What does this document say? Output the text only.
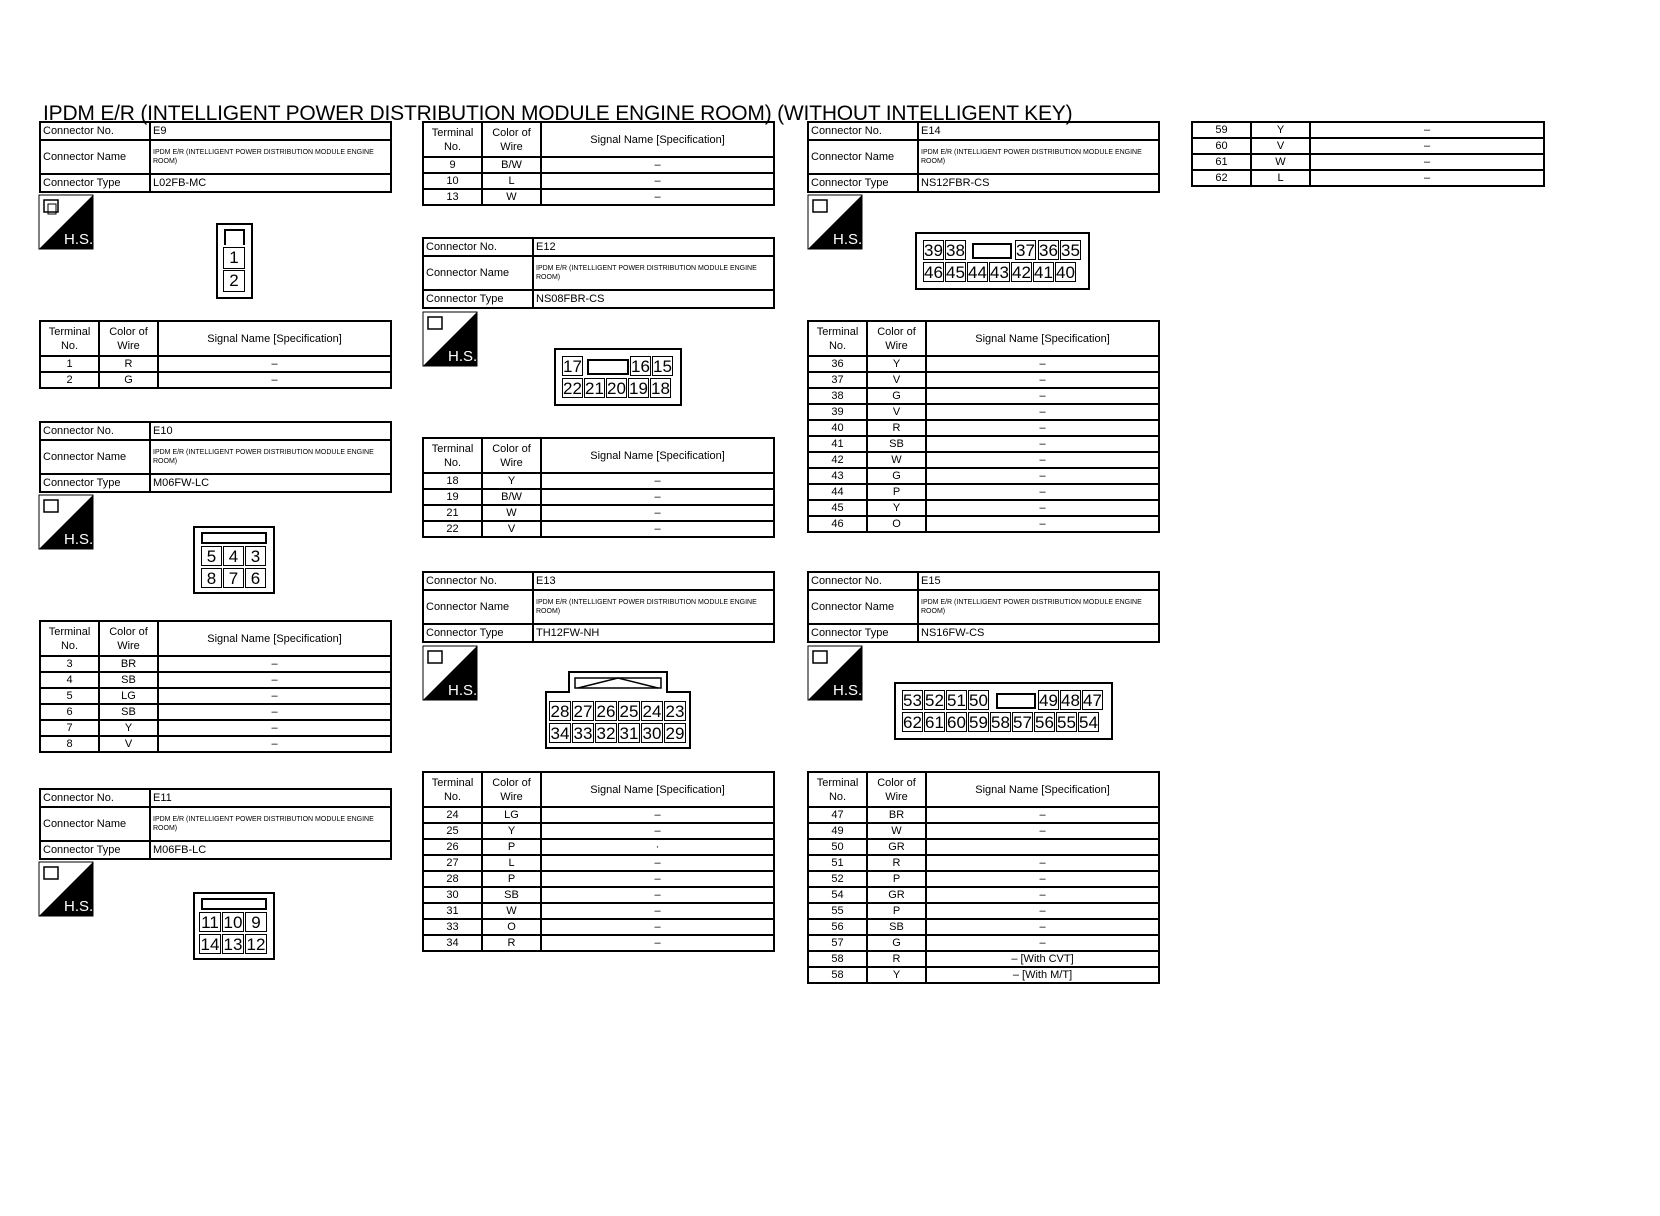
IPDM E/R (INTELLIGENT POWER DISTRIBUTION MODULE ENGINE ROOM) (WITHOUT INTELLIGENT KEY)
Connector No.	E9
Connector Name	IPDM E/R (INTELLIGENT POWER DISTRIBUTION MODULE ENGINE ROOM)
Connector Type	L02FB-MC
H.S.
1
2
Terminal No.	Color of Wire	Signal Name [Specification]
1	R	–
2	G	–
Connector No.	E10
Connector Name	IPDM E/R (INTELLIGENT POWER DISTRIBUTION MODULE ENGINE ROOM)
Connector Type	M06FW-LC
H.S.
5 4 3
8 7 6
Terminal No.	Color of Wire	Signal Name [Specification]
3	BR	–
4	SB	–
5	LG	–
6	SB	–
7	Y	–
8	V	–
Connector No.	E11
Connector Name	IPDM E/R (INTELLIGENT POWER DISTRIBUTION MODULE ENGINE ROOM)
Connector Type	M06FB-LC
H.S.
11 10 9
14 13 12
Terminal No.	Color of Wire	Signal Name [Specification]
9	B/W	–
10	L	–
13	W	–
Connector No.	E12
Connector Name	IPDM E/R (INTELLIGENT POWER DISTRIBUTION MODULE ENGINE ROOM)
Connector Type	NS08FBR-CS
H.S.
17	16 15
22 21 20 19 18
Terminal No.	Color of Wire	Signal Name [Specification]
18	Y	–
19	B/W	–
21	W	–
22	V	–
Connector No.	E13
Connector Name	IPDM E/R (INTELLIGENT POWER DISTRIBUTION MODULE ENGINE ROOM)
Connector Type	TH12FW-NH
H.S.
28 27 26 25 24 23
34 33 32 31 30 29
Terminal No.	Color of Wire	Signal Name [Specification]
24	LG	–
25	Y	–
26	P	·
27	L	–
28	P	–
30	SB	–
31	W	–
33	O	–
34	R	–
Connector No.	E14
Connector Name	IPDM E/R (INTELLIGENT POWER DISTRIBUTION MODULE ENGINE ROOM)
Connector Type	NS12FBR-CS
H.S.
39 38	37 36 35
46 45 44 43 42 41 40
Terminal No.	Color of Wire	Signal Name [Specification]
36	Y	–
37	V	–
38	G	–
39	V	–
40	R	–
41	SB	–
42	W	–
43	G	–
44	P	–
45	Y	–
46	O	–
Connector No.	E15
Connector Name	IPDM E/R (INTELLIGENT POWER DISTRIBUTION MODULE ENGINE ROOM)
Connector Type	NS16FW-CS
H.S.
53 52 51 50	49 48 47
62 61 60 59 58 57 56 55 54
Terminal No.	Color of Wire	Signal Name [Specification]
47	BR	–
49	W	–
50	GR	
51	R	–
52	P	–
54	GR	–
55	P	–
56	SB	–
57	G	–
58	R	– [With CVT]
58	Y	– [With M/T]
59	Y	–
60	V	–
61	W	–
62	L	–
